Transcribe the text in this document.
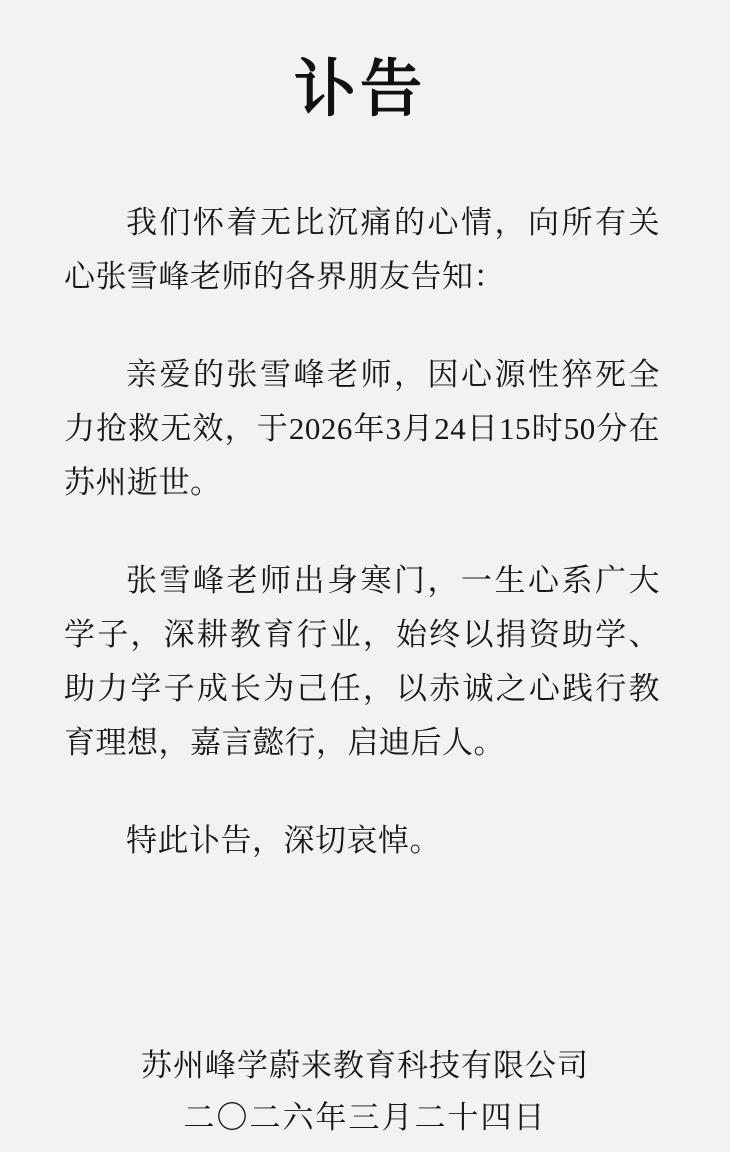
讣告

我们怀着无比沉痛的心情，向所有关心张雪峰老师的各界朋友告知：

亲爱的张雪峰老师，因心源性猝死全力抢救无效，于2026年3月24日15时50分在苏州逝世。

张雪峰老师出身寒门，一生心系广大学子，深耕教育行业，始终以捐资助学、助力学子成长为己任，以赤诚之心践行教育理想，嘉言懿行，启迪后人。

特此讣告，深切哀悼。

苏州峰学蔚来教育科技有限公司
二〇二六年三月二十四日
